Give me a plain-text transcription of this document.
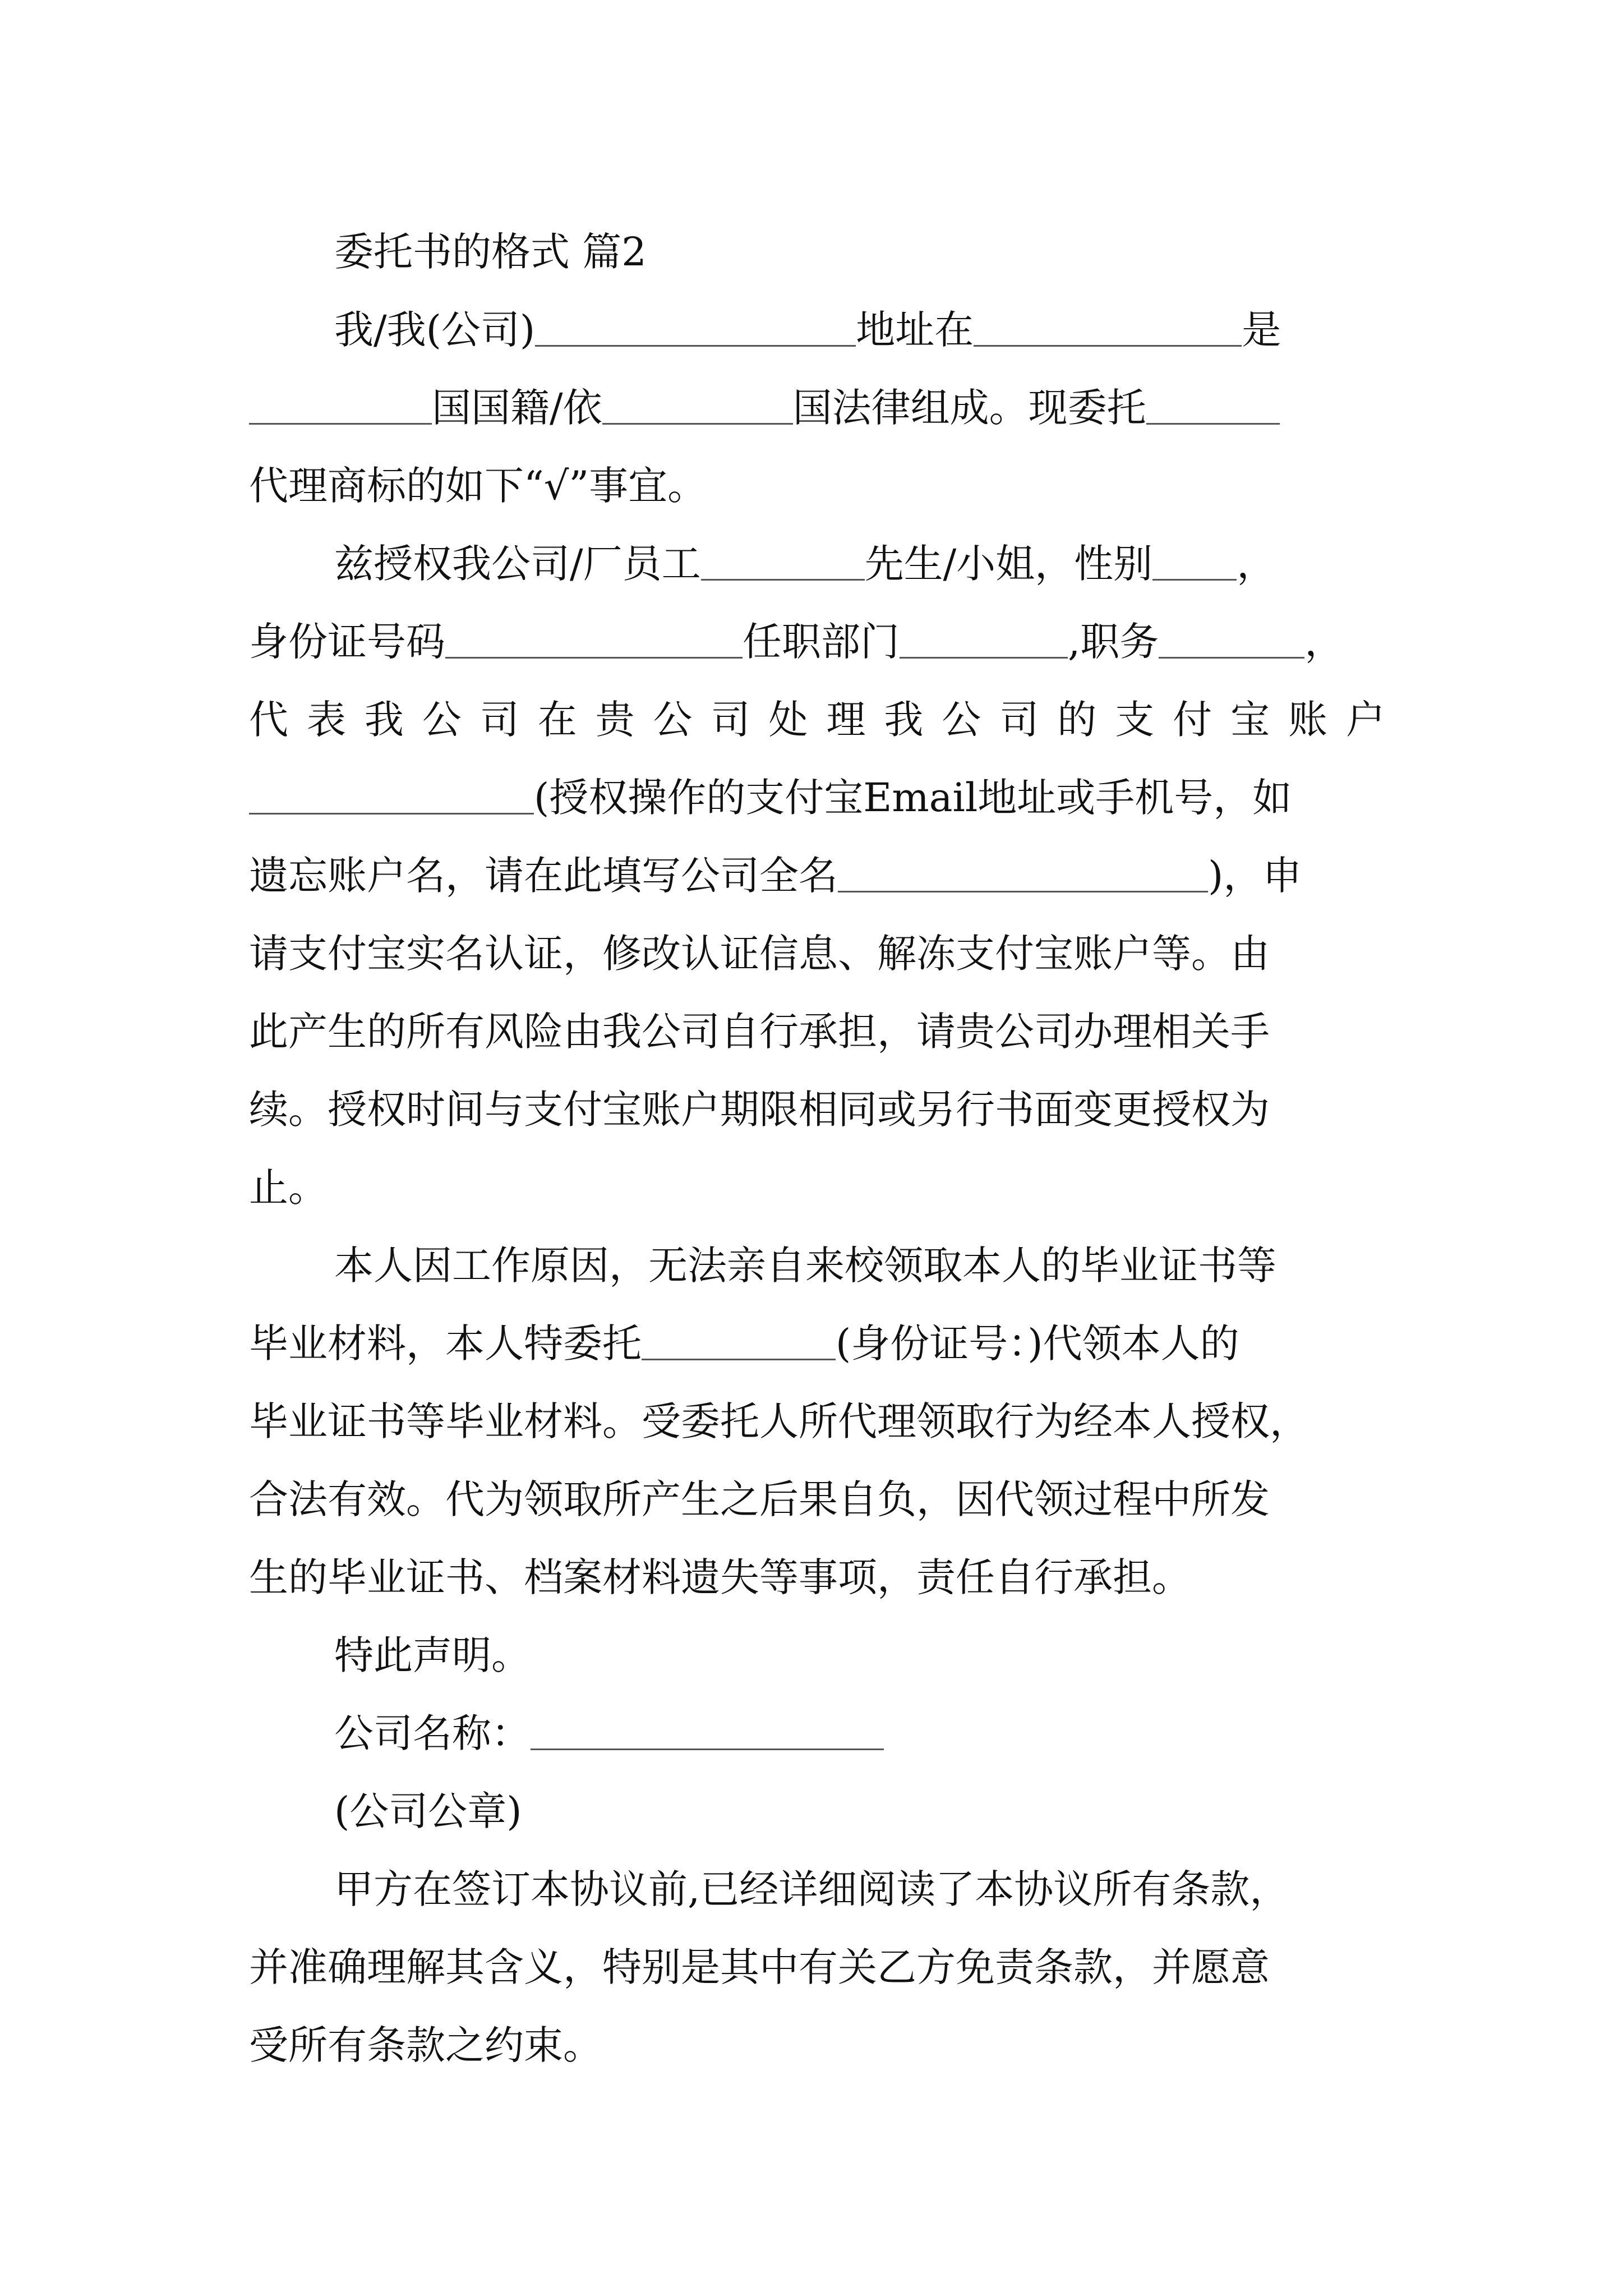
委托书的格式 篇2
我/我(公司)	地址在	是
国国籍/依	国法律组成。现委托
代理商标的如下“√”事宜。
兹授权我公司/厂员工	先生/小姐，性别 ，
身份证号码	任职部门	,职务	，
代表我公司在贵公司处理我公司的支付宝账户
(授权操作的支付宝Email地址或手机号，如
遗忘账户名，请在此填写公司全名	)，申
请支付宝实名认证，修改认证信息、解冻支付宝账户等。由
此产生的所有风险由我公司自行承担，请贵公司办理相关手
续。授权时间与支付宝账户期限相同或另行书面变更授权为
止。
本人因工作原因，无法亲自来校领取本人的毕业证书等
毕业材料，本人特委托	(身份证号：)代领本人的
毕业证书等毕业材料。受委托人所代理领取行为经本人授权，
合法有效。代为领取所产生之后果自负，因代领过程中所发
生的毕业证书、档案材料遗失等事项，责任自行承担。
特此声明。
公司名称：
(公司公章)
甲方在签订本协议前,已经详细阅读了本协议所有条款，
并准确理解其含义，特别是其中有关乙方免责条款，并愿意
受所有条款之约束。
